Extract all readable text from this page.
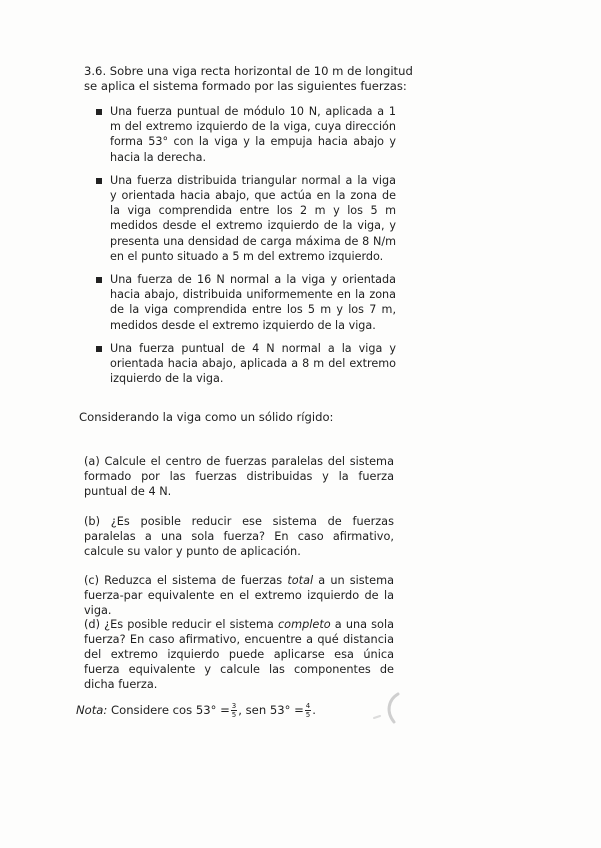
3.6. Sobre una viga recta horizontal de 10 m de longitud
se aplica el sistema formado por las siguientes fuerzas:
Una fuerza puntual de módulo 10 N, aplicada a 1 m del extremo izquierdo de la viga, cuya dirección forma 53° con la viga y la empuja hacia abajo y hacia la derecha.
Una fuerza distribuida triangular normal a la viga y orientada hacia abajo, que actúa en la zona de la viga comprendida entre los 2 m y los 5 m medidos desde el extremo izquierdo de la viga, y presenta una densidad de carga máxima de 8 N/m en el punto situado a 5 m del extremo izquierdo.
Una fuerza de 16 N normal a la viga y orientada hacia abajo, distribuida uniformemente en la zona de la viga comprendida entre los 5 m y los 7 m, medidos desde el extremo izquierdo de la viga.
Una fuerza puntual de 4 N normal a la viga y orientada hacia abajo, aplicada a 8 m del extremo izquierdo de la viga.
Considerando la viga como un sólido rígido:
(a) Calcule el centro de fuerzas paralelas del sistema formado por las fuerzas distribuidas y la fuerza puntual de 4 N.
(b) ¿Es posible reducir ese sistema de fuerzas paralelas a una sola fuerza? En caso afirmativo, calcule su valor y punto de aplicación.
(c) Reduzca el sistema de fuerzas total a un sistema fuerza-par equivalente en el extremo izquierdo de la viga.
(d) ¿Es posible reducir el sistema completo a una sola fuerza? En caso afirmativo, encuentre a qué distancia del extremo izquierdo puede aplicarse esa única fuerza equivalente y calcule las componentes de dicha fuerza.
Nota: Considere $\cos 53^\circ = \frac{3}{5}$ , sen $53^\circ = \frac{4}{5}$ .
